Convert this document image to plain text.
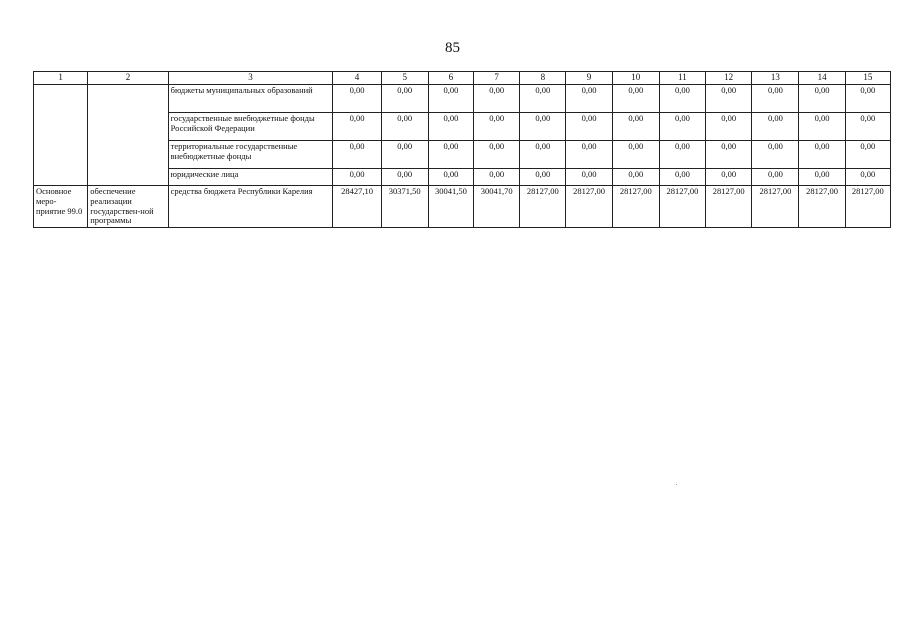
85
1	2	3	4	5	6	7	8	9	10	11	12	13	14	15
		бюджеты муниципальных образований	0,00	0,00	0,00	0,00	0,00	0,00	0,00	0,00	0,00	0,00	0,00	0,00
		государственные внебюджетные фонды Российской Федерации	0,00	0,00	0,00	0,00	0,00	0,00	0,00	0,00	0,00	0,00	0,00	0,00
		территориальные государственные внебюджетные фонды	0,00	0,00	0,00	0,00	0,00	0,00	0,00	0,00	0,00	0,00	0,00	0,00
		юридические лица	0,00	0,00	0,00	0,00	0,00	0,00	0,00	0,00	0,00	0,00	0,00	0,00
Основное меро-приятие 99.0	обеспечение реализации государствен-ной программы	средства бюджета Республики Карелия	28427,10	30371,50	30041,50	30041,70	28127,00	28127,00	28127,00	28127,00	28127,00	28127,00	28127,00	28127,00
